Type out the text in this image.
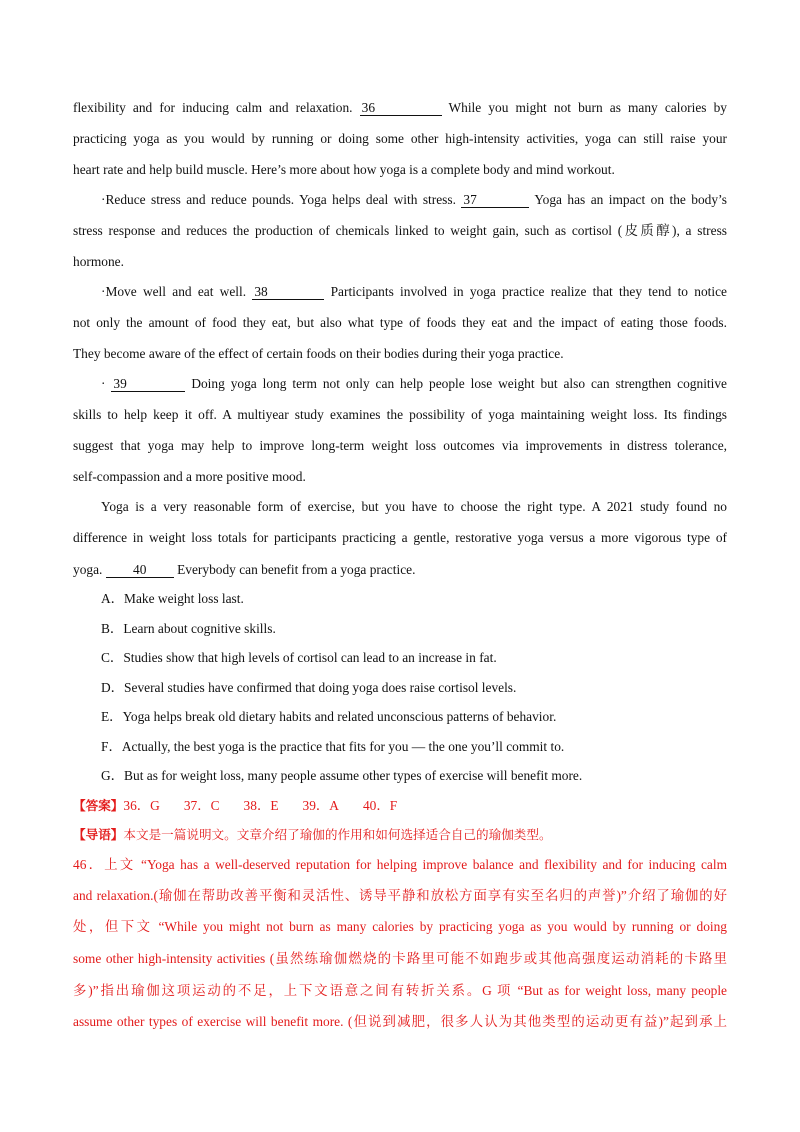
flexibility and for inducing calm and relaxation. 36	While you might not burn as many calories by
practicing yoga as you would by running or doing some other high-intensity activities, yoga can still raise your
heart rate and help build muscle. Here’s more about how yoga is a complete body and mind workout.
·Reduce stress and reduce pounds. Yoga helps deal with stress. 37	Yoga has an impact on the body’s
stress response and reduces the production of chemicals linked to weight gain, such as cortisol (皮质醇), a stress
hormone.
·Move well and eat well. 38	Participants involved in yoga practice realize that they tend to notice
not only the amount of food they eat, but also what type of foods they eat and the impact of eating those foods.
They become aware of the effect of certain foods on their bodies during their yoga practice.
· 39	Doing yoga long term not only can help people lose weight but also can strengthen cognitive
skills to help keep it off. A multiyear study examines the possibility of yoga maintaining weight loss. Its findings
suggest that yoga may help to improve long-term weight loss outcomes via improvements in distress tolerance,
self-compassion and a more positive mood.
Yoga is a very reasonable form of exercise, but you have to choose the right type. A 2021 study found no
difference in weight loss totals for participants practicing a gentle, restorative yoga versus a more vigorous type of
yoga. 40 Everybody can benefit from a yoga practice.
A．Make weight loss last.
B．Learn about cognitive skills.
C．Studies show that high levels of cortisol can lead to an increase in fat.
D．Several studies have confirmed that doing yoga does raise cortisol levels.
E．Yoga helps break old dietary habits and related unconscious patterns of behavior.
F．Actually, the best yoga is the practice that fits for you — the one you’ll commit to.
G．But as for weight loss, many people assume other types of exercise will benefit more.
【答案】36．G 37．C 38．E 39．A 40．F
【导语】本文是一篇说明文。文章介绍了瑜伽的作用和如何选择适合自己的瑜伽类型。
46．上文 “Yoga has a well-deserved reputation for helping improve balance and flexibility and for inducing calm
and relaxation.(瑜伽在帮助改善平衡和灵活性、诱导平静和放松方面享有实至名归的声誉)”介绍了瑜伽的好
处，但下文 “While you might not burn as many calories by practicing yoga as you would by running or doing
some other high-intensity activities (虽然练瑜伽燃烧的卡路里可能不如跑步或其他高强度运动消耗的卡路里
多)”指出瑜伽这项运动的不足，上下文语意之间有转折关系。G 项 “But as for weight loss, many people
assume other types of exercise will benefit more. (但说到减肥，很多人认为其他类型的运动更有益)”起到承上
